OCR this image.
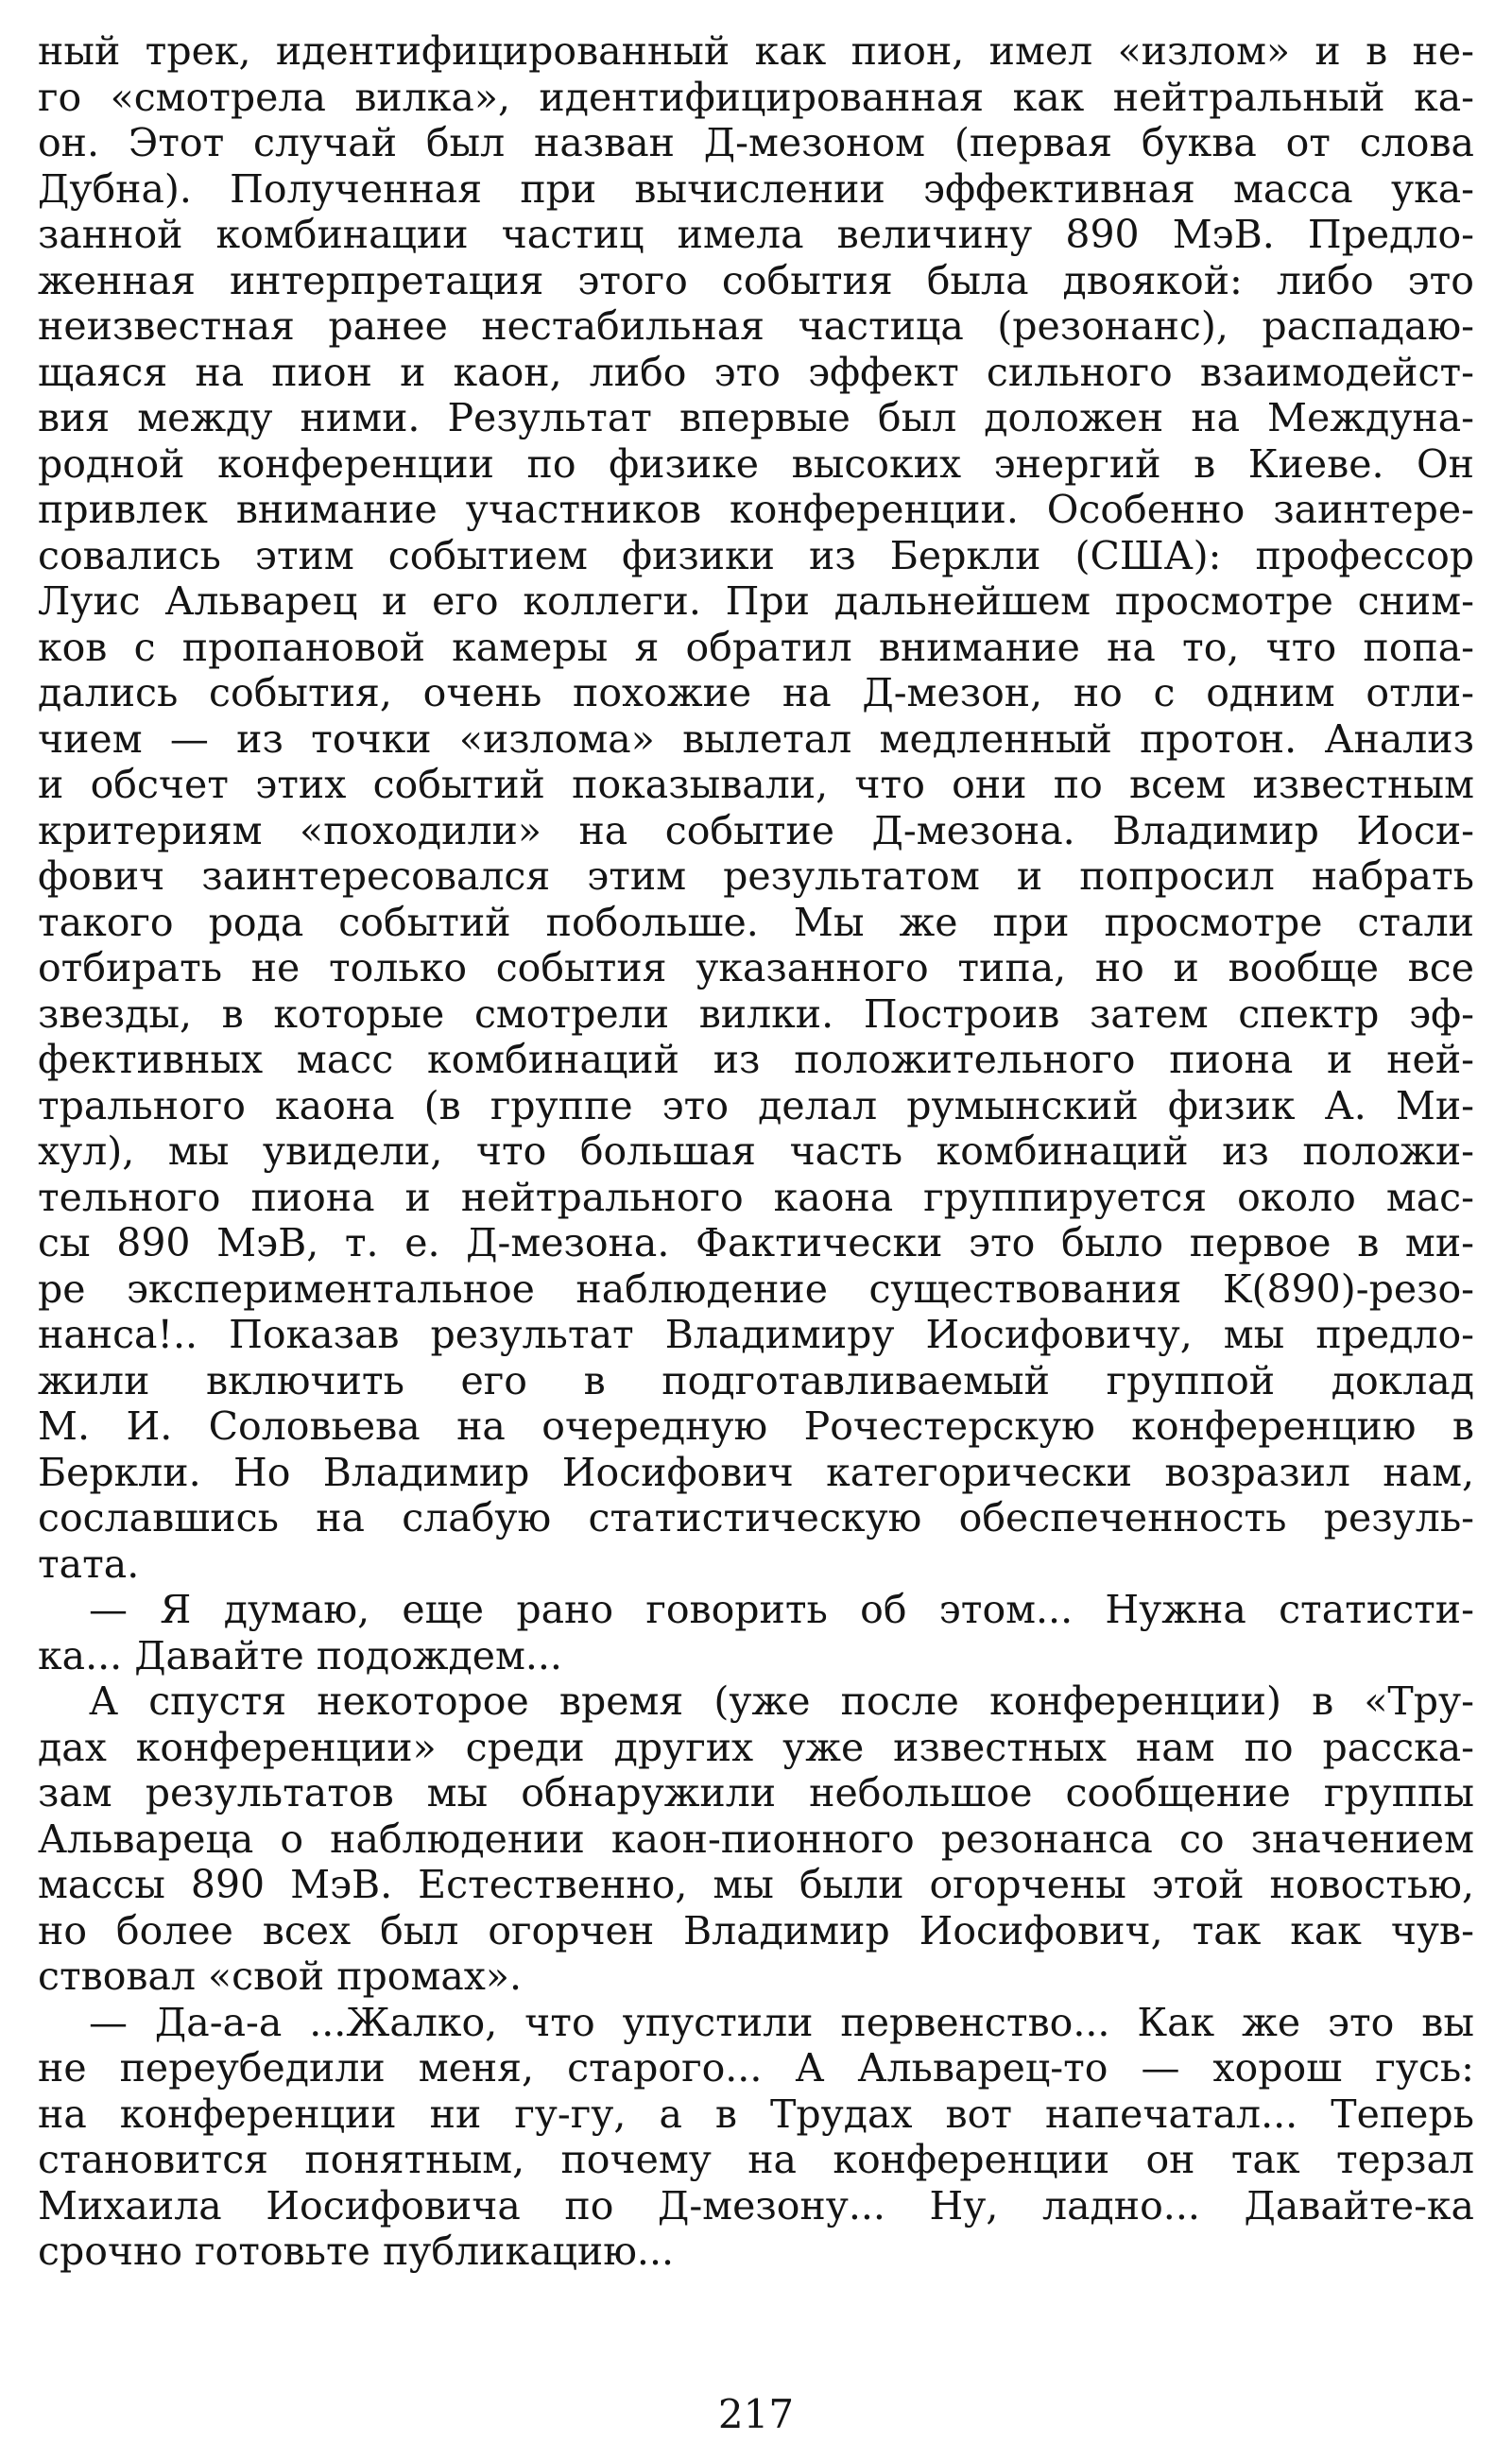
ный трек, идентифицированный как пион, имел «излом» и в не-
го «смотрела вилка», идентифицированная как нейтральный ка-
он. Этот случай был назван Д-мезоном (первая буква от слова
Дубна). Полученная при вычислении эффективная масса ука-
занной комбинации частиц имела величину 890 МэВ. Предло-
женная интерпретация этого события была двоякой: либо это
неизвестная ранее нестабильная частица (резонанс), распадаю-
щаяся на пион и каон, либо это эффект сильного взаимодейст-
вия между ними. Результат впервые был доложен на Междуна-
родной конференции по физике высоких энергий в Киеве. Он
привлек внимание участников конференции. Особенно заинтере-
совались этим событием физики из Беркли (США): профессор
Луис Альварец и его коллеги. При дальнейшем просмотре сним-
ков с пропановой камеры я обратил внимание на то, что попа-
дались события, очень похожие на Д-мезон, но с одним отли-
чием — из точки «излома» вылетал медленный протон. Анализ
и обсчет этих событий показывали, что они по всем известным
критериям «походили» на событие Д-мезона. Владимир Иоси-
фович заинтересовался этим результатом и попросил набрать
такого рода событий побольше. Мы же при просмотре стали
отбирать не только события указанного типа, но и вообще все
звезды, в которые смотрели вилки. Построив затем спектр эф-
фективных масс комбинаций из положительного пиона и ней-
трального каона (в группе это делал румынский физик А. Ми-
хул), мы увидели, что большая часть комбинаций из положи-
тельного пиона и нейтрального каона группируется около мас-
сы 890 МэВ, т. е. Д-мезона. Фактически это было первое в ми-
ре экспериментальное наблюдение существования K(890)-резо-
нанса!.. Показав результат Владимиру Иосифовичу, мы предло-
жили включить его в подготавливаемый группой доклад
М. И. Соловьева на очередную Рочестерскую конференцию в
Беркли. Но Владимир Иосифович категорически возразил нам,
сославшись на слабую статистическую обеспеченность резуль-
тата.
— Я думаю, еще рано говорить об этом... Нужна статисти-
ка... Давайте подождем...
А спустя некоторое время (уже после конференции) в «Тру-
дах конференции» среди других уже известных нам по расска-
зам результатов мы обнаружили небольшое сообщение группы
Альвареца о наблюдении каон-пионного резонанса со значением
массы 890 МэВ. Естественно, мы были огорчены этой новостью,
но более всех был огорчен Владимир Иосифович, так как чув-
ствовал «свой промах».
— Да-а-а ...Жалко, что упустили первенство... Как же это вы
не переубедили меня, старого... А Альварец-то — хорош гусь:
на конференции ни гу-гу, а в Трудах вот напечатал... Теперь
становится понятным, почему на конференции он так терзал
Михаила Иосифовича по Д-мезону... Ну, ладно... Давайте-ка
срочно готовьте публикацию...
217
